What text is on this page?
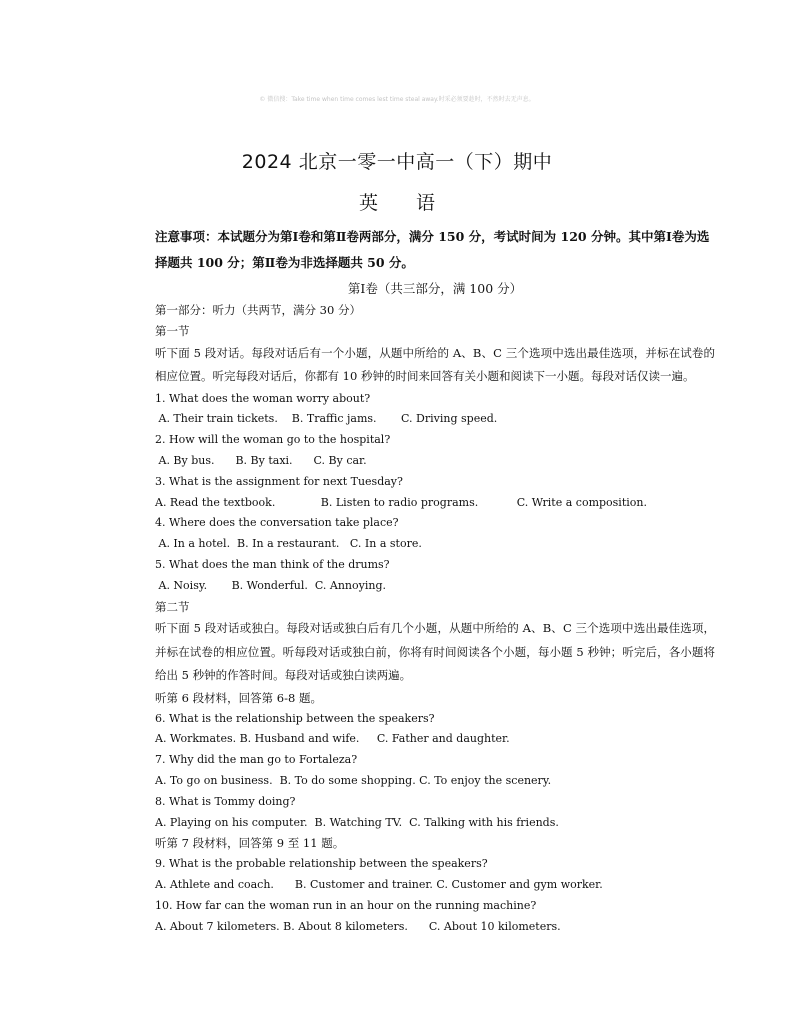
© 微信搜：Take time when time comes lest time steal away.时采必须要趁时，不然时去无声息。
2024 北京一零一中高一（下）期中
英语

注意事项：本试题分为第Ⅰ卷和第Ⅱ卷两部分，满分 150 分，考试时间为 120 分钟。其中第Ⅰ卷为选择题共 100 分；第Ⅱ卷为非选择题共 50 分。

第Ⅰ卷（共三部分，满 100 分）

第一部分：听力（共两节，满分 30 分）

第一节

听下面 5 段对话。每段对话后有一个小题，从题中所给的 A、B、C 三个选项中选出最佳选项，并标在试卷的相应位置。听完每段对话后，你都有 10 秒钟的时间来回答有关小题和阅读下一小题。每段对话仅读一遍。

1. What does the woman worry about?

A. Their train tickets.    B. Traffic jams.       C. Driving speed.

2. How will the woman go to the hospital?

A. By bus.      B. By taxi.      C. By car.

3. What is the assignment for next Tuesday?

A. Read the textbook.             B. Listen to radio programs.           C. Write a composition.

4. Where does the conversation take place?

A. In a hotel.  B. In a restaurant.   C. In a store.

5. What does the man think of the drums?

A. Noisy.       B. Wonderful.  C. Annoying.

第二节

听下面 5 段对话或独白。每段对话或独白后有几个小题，从题中所给的 A、B、C 三个选项中选出最佳选项，并标在试卷的相应位置。听每段对话或独白前，你将有时间阅读各个小题，每小题 5 秒钟；听完后，各小题将给出 5 秒钟的作答时间。每段对话或独白读两遍。

听第 6 段材料，回答第 6-8 题。

6. What is the relationship between the speakers?

A. Workmates. B. Husband and wife.     C. Father and daughter.

7. Why did the man go to Fortaleza?

A. To go on business.  B. To do some shopping. C. To enjoy the scenery.

8. What is Tommy doing?

A. Playing on his computer.  B. Watching TV.  C. Talking with his friends.

听第 7 段材料，回答第 9 至 11 题。

9. What is the probable relationship between the speakers?

A. Athlete and coach.      B. Customer and trainer. C. Customer and gym worker.

10. How far can the woman run in an hour on the running machine?

A. About 7 kilometers. B. About 8 kilometers.      C. About 10 kilometers.
